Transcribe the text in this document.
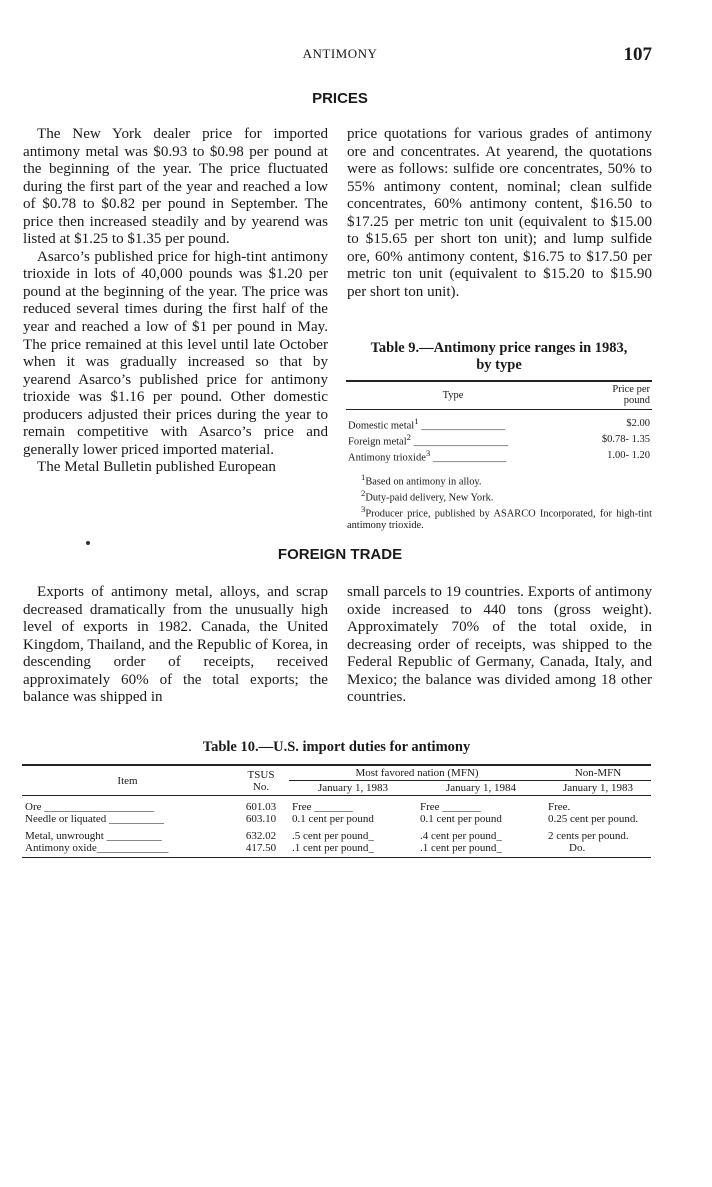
ANTIMONY	107
PRICES

The New York dealer price for imported antimony metal was $0.93 to $0.98 per pound at the beginning of the year. The price fluctuated during the first part of the year and reached a low of $0.78 to $0.82 per pound in September. The price then increased steadily and by yearend was listed at $1.25 to $1.35 per pound.

Asarco’s published price for high-tint antimony trioxide in lots of 40,000 pounds was $1.20 per pound at the beginning of the year. The price was reduced several times during the first half of the year and reached a low of $1 per pound in May. The price remained at this level until late October when it was gradually increased so that by yearend Asarco’s published price for antimony trioxide was $1.16 per pound. Other domestic producers adjusted their prices during the year to remain competitive with Asarco’s price and generally lower priced imported material.

The Metal Bulletin published European

price quotations for various grades of antimony ore and concentrates. At yearend, the quotations were as follows: sulfide ore concentrates, 50% to 55% antimony content, nominal; clean sulfide concentrates, 60% antimony content, $16.50 to $17.25 per metric ton unit (equivalent to $15.00 to $15.65 per short ton unit); and lump sulfide ore, 60% antimony content, $16.75 to $17.50 per metric ton unit (equivalent to $15.20 to $15.90 per short ton unit).

Table 9.—Antimony price ranges in 1983,
by type
Type	Price per
pound

Domestic metal$^1$ ________________	$2.00
Foreign metal$^2$ __________________	$0.78- 1.35
Antimony trioxide$^3$ ______________	1.00- 1.20

$^1$Based on antimony in alloy.

$^2$Duty-paid delivery, New York.

$^3$Producer price, published by ASARCO Incorporated, for high-tint antimony trioxide.

FOREIGN TRADE

Exports of antimony metal, alloys, and scrap decreased dramatically from the unusually high level of exports in 1982. Canada, the United Kingdom, Thailand, and the Republic of Korea, in descending order of receipts, received approximately 60% of the total exports; the balance was shipped in

small parcels to 19 countries. Exports of antimony oxide increased to 440 tons (gross weight). Approximately 70% of the total oxide, in decreasing order of receipts, was shipped to the Federal Republic of Germany, Canada, Italy, and Mexico; the balance was divided among 18 other countries.

Table 10.—U.S. import duties for antimony
Item	TSUS
No.	Most favored nation (MFN)		Non-MFN
		January 1, 1983	January 1, 1984	January 1, 1983
Ore ____________________	601.03	Free _______	Free _______	Free.
Needle or liquated __________	603.10	0.1 cent per pound	0.1 cent per pound	0.25 cent per pound.
Metal, unwrought __________	632.02	.5 cent per pound_	.4 cent per pound_	2 cents per pound.
Antimony oxide_____________	417.50	.1 cent per pound_	.1 cent per pound_	Do.
